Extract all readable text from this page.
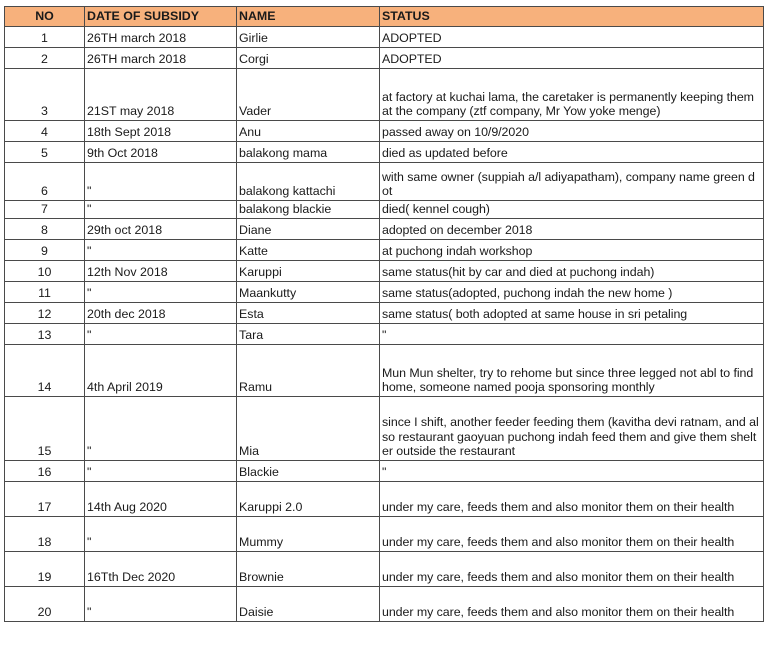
NO	DATE OF SUBSIDY	NAME	STATUS
1	26TH march 2018	Girlie	ADOPTED
2	26TH march 2018	Corgi	ADOPTED
3	21ST may 2018	Vader	at factory at kuchai lama, the caretaker is permanently keeping them at the company (ztf company, Mr Yow yoke menge)
4	18th Sept 2018	Anu	passed away on 10/9/2020
5	9th Oct 2018	balakong mama	died as updated before
6	"	balakong kattachi	with same owner (suppiah a/l adiyapatham), company name green dot
7	"	balakong blackie	died( kennel cough)
8	29th oct 2018	Diane	adopted on december 2018
9	"	Katte	at puchong indah workshop
10	12th Nov 2018	Karuppi	same status(hit by car and died at puchong indah)
11	"	Maankutty	same status(adopted, puchong indah the new home )
12	20th dec 2018	Esta	same status( both adopted at same house in sri petaling
13	"	Tara	"
14	4th April 2019	Ramu	Mun Mun shelter, try to rehome but since three legged not abl to find home, someone named pooja sponsoring monthly
15	"	Mia	since I shift, another feeder feeding them (kavitha devi ratnam, and also restaurant gaoyuan puchong indah feed them and give them shelter outside the restaurant
16	"	Blackie	"
17	14th Aug 2020	Karuppi 2.0	under my care, feeds them and also monitor them on their health
18	"	Mummy	under my care, feeds them and also monitor them on their health
19	16Tth Dec 2020	Brownie	under my care, feeds them and also monitor them on their health
20	"	Daisie	under my care, feeds them and also monitor them on their health
